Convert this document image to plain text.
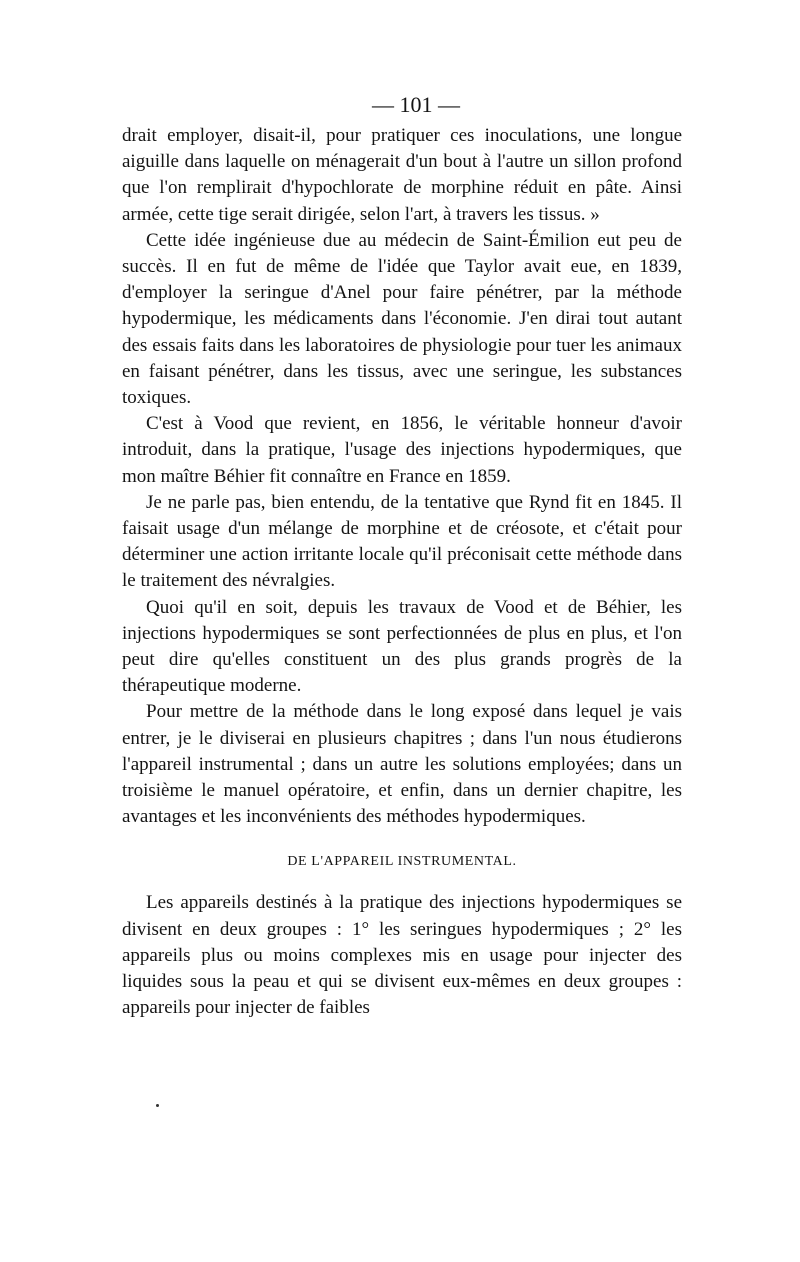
— 101 —

drait employer, disait-il, pour pratiquer ces inoculations, une longue aiguille dans laquelle on ménagerait d'un bout à l'autre un sillon profond que l'on remplirait d'hypochlorate de morphine réduit en pâte. Ainsi armée, cette tige serait dirigée, selon l'art, à travers les tissus. »

Cette idée ingénieuse due au médecin de Saint-Émilion eut peu de succès. Il en fut de même de l'idée que Taylor avait eue, en 1839, d'employer la seringue d'Anel pour faire pénétrer, par la méthode hypodermique, les médicaments dans l'économie. J'en dirai tout autant des essais faits dans les laboratoires de physiologie pour tuer les animaux en faisant pénétrer, dans les tissus, avec une seringue, les substances toxiques.

C'est à Vood que revient, en 1856, le véritable honneur d'avoir introduit, dans la pratique, l'usage des injections hypodermiques, que mon maître Béhier fit connaître en France en 1859.

Je ne parle pas, bien entendu, de la tentative que Rynd fit en 1845. Il faisait usage d'un mélange de morphine et de créosote, et c'était pour déterminer une action irritante locale qu'il préconisait cette méthode dans le traitement des névralgies.

Quoi qu'il en soit, depuis les travaux de Vood et de Béhier, les injections hypodermiques se sont perfectionnées de plus en plus, et l'on peut dire qu'elles constituent un des plus grands progrès de la thérapeutique moderne.

Pour mettre de la méthode dans le long exposé dans lequel je vais entrer, je le diviserai en plusieurs chapitres ; dans l'un nous étudierons l'appareil instrumental ; dans un autre les solutions employées; dans un troisième le manuel opératoire, et enfin, dans un dernier chapitre, les avantages et les inconvénients des méthodes hypodermiques.

DE L'APPAREIL INSTRUMENTAL.

Les appareils destinés à la pratique des injections hypodermiques se divisent en deux groupes : 1° les seringues hypodermiques ; 2° les appareils plus ou moins complexes mis en usage pour injecter des liquides sous la peau et qui se divisent eux-mêmes en deux groupes : appareils pour injecter de faibles
